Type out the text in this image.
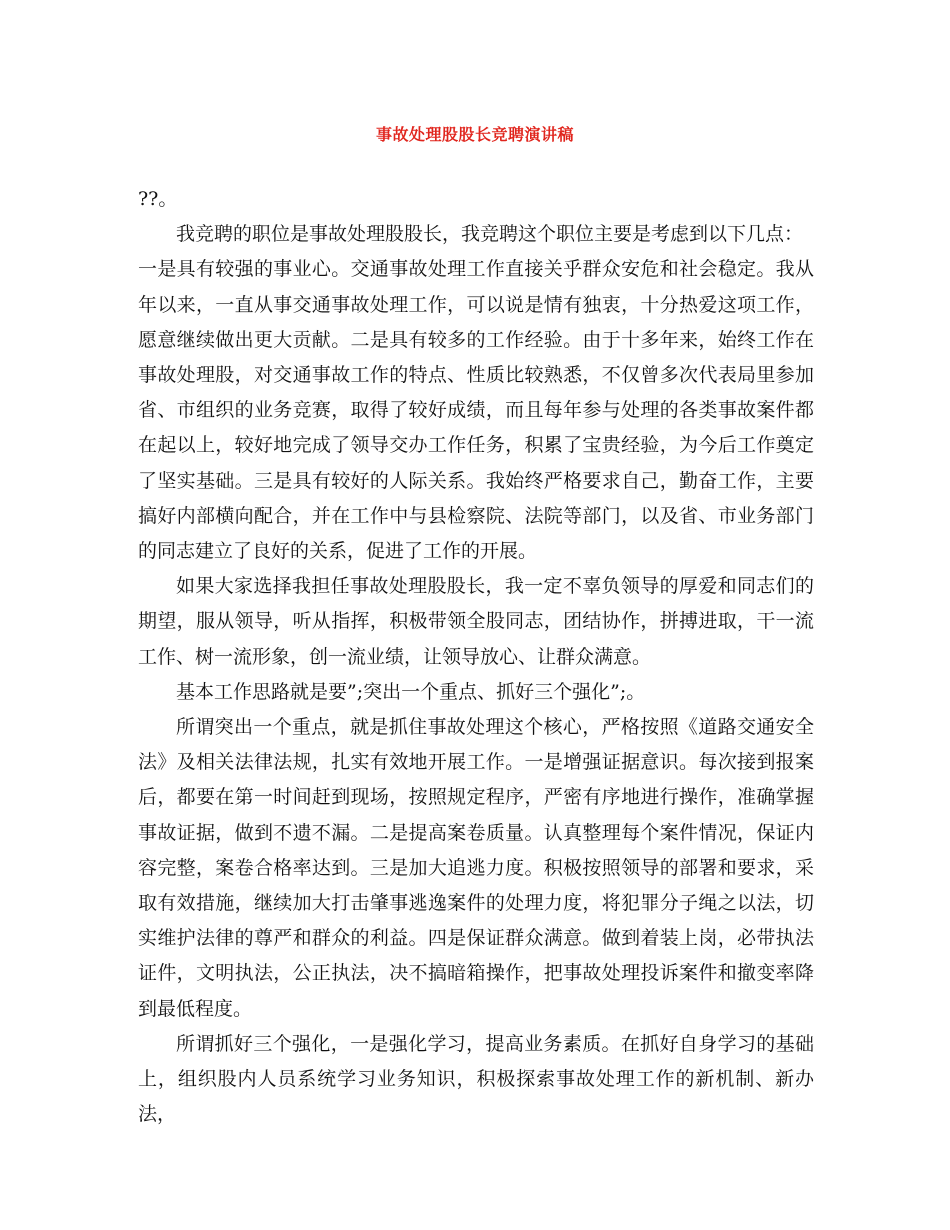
事故处理股股长竞聘演讲稿

??。

我竞聘的职位是事故处理股股长，我竞聘这个职位主要是考虑到以下几点：

一是具有较强的事业心。交通事故处理工作直接关乎群众安危和社会稳定。我从年以来，一直从事交通事故处理工作，可以说是情有独衷，十分热爱这项工作，愿意继续做出更大贡献。二是具有较多的工作经验。由于十多年来，始终工作在事故处理股，对交通事故工作的特点、性质比较熟悉，不仅曾多次代表局里参加省、市组织的业务竞赛，取得了较好成绩，而且每年参与处理的各类事故案件都在起以上，较好地完成了领导交办工作任务，积累了宝贵经验，为今后工作奠定了坚实基础。三是具有较好的人际关系。我始终严格要求自己，勤奋工作，主要搞好内部横向配合，并在工作中与县检察院、法院等部门，以及省、市业务部门的同志建立了良好的关系，促进了工作的开展。

如果大家选择我担任事故处理股股长，我一定不辜负领导的厚爱和同志们的期望，服从领导，听从指挥，积极带领全股同志，团结协作，拼搏进取，干一流工作、树一流形象，创一流业绩，让领导放心、让群众满意。

基本工作思路就是要”;突出一个重点、抓好三个强化”;。

所谓突出一个重点，就是抓住事故处理这个核心，严格按照《道路交通安全法》及相关法律法规，扎实有效地开展工作。一是增强证据意识。每次接到报案后，都要在第一时间赶到现场，按照规定程序，严密有序地进行操作，准确掌握事故证据，做到不遗不漏。二是提高案卷质量。认真整理每个案件情况，保证内容完整，案卷合格率达到。三是加大追逃力度。积极按照领导的部署和要求，采取有效措施，继续加大打击肇事逃逸案件的处理力度，将犯罪分子绳之以法，切实维护法律的尊严和群众的利益。四是保证群众满意。做到着装上岗，必带执法证件，文明执法，公正执法，决不搞暗箱操作，把事故处理投诉案件和撤变率降到最低程度。

所谓抓好三个强化，一是强化学习，提高业务素质。在抓好自身学习的基础上，组织股内人员系统学习业务知识，积极探索事故处理工作的新机制、新办法，
